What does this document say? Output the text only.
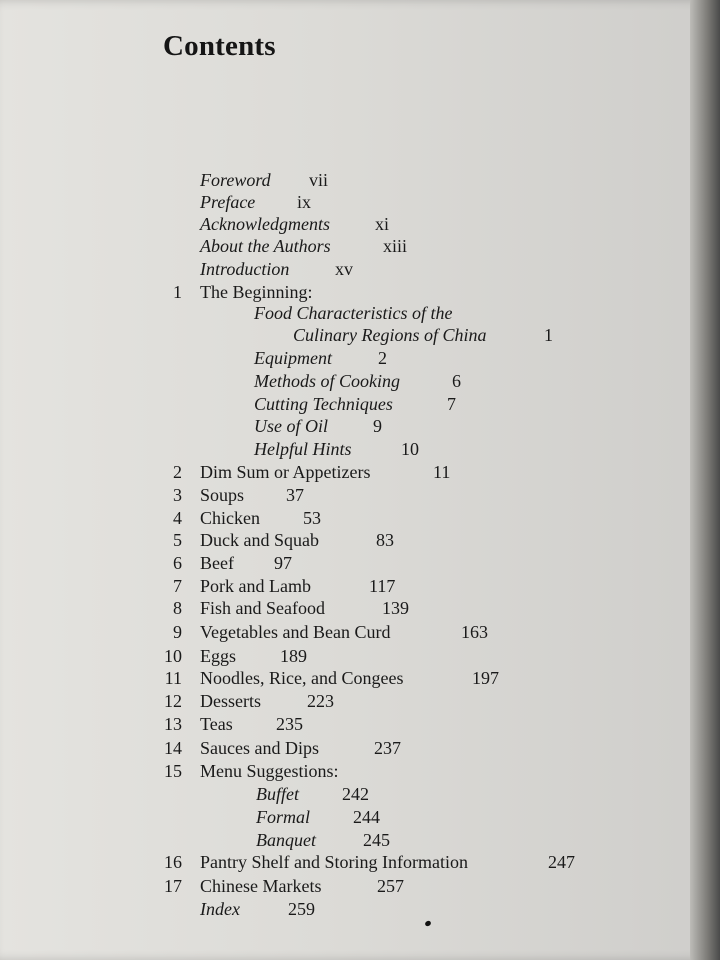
Contents
Foreword vii
Preface ix
Acknowledgments	xi
About the Authors	xiii
Introduction	xv
1 The Beginning:
Food Characteristics of the
Culinary Regions of China	1
Equipment	2
Methods of Cooking	6
Cutting Techniques	7
Use of Oil	9
Helpful Hints	10
2 Dim Sum or Appetizers	11
3 Soups 37
4 Chicken 53
5 Duck and Squab	83
6 Beef 97
7 Pork and Lamb	117
8 Fish and Seafood	139
9 Vegetables and Bean Curd	163
10 Eggs 189
11 Noodles, Rice, and Congees	197
12 Desserts	223
13 Teas 235
14 Sauces and Dips	237
15 Menu Suggestions:
Buffet 242
Formal 244
Banquet	245
16 Pantry Shelf and Storing Information	247
17 Chinese Markets	257
Index	259
